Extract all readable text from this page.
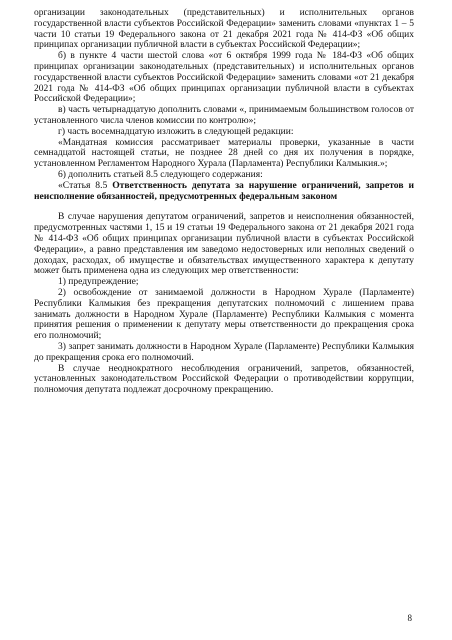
организации законодательных (представительных) и исполнительных органов государственной власти субъектов Российской Федерации» заменить словами «пунктах 1 – 5 части 10 статьи 19 Федерального закона от 21 декабря 2021 года № 414-ФЗ «Об общих принципах организации публичной власти в субъектах Российской Федерации»;

б) в пункте 4 части шестой слова «от 6 октября 1999 года № 184-ФЗ «Об общих принципах организации законодательных (представительных) и исполнительных органов государственной власти субъектов Российской Федерации» заменить словами «от 21 декабря 2021 года № 414-ФЗ «Об общих принципах организации публичной власти в субъектах Российской Федерации»;

в) часть четырнадцатую дополнить словами «, принимаемым большинством голосов от установленного числа членов комиссии по контролю»;

г) часть восемнадцатую изложить в следующей редакции:

«Мандатная комиссия рассматривает материалы проверки, указанные в части семнадцатой настоящей статьи, не позднее 28 дней со дня их получения в порядке, установленном Регламентом Народного Хурала (Парламента) Республики Калмыкия.»;

6) дополнить статьей 8.5 следующего содержания:

«Статья 8.5 Ответственность депутата за нарушение ограничений, запретов и неисполнение обязанностей, предусмотренных федеральным законом

В случае нарушения депутатом ограничений, запретов и неисполнения обязанностей, предусмотренных частями 1, 15 и 19 статьи 19 Федерального закона от 21 декабря 2021 года № 414-ФЗ «Об общих принципах организации публичной власти в субъектах Российской Федерации», а равно представления им заведомо недостоверных или неполных сведений о доходах, расходах, об имуществе и обязательствах имущественного характера к депутату может быть применена одна из следующих мер ответственности:

1) предупреждение;

2) освобождение от занимаемой должности в Народном Хурале (Парламенте) Республики Калмыкия без прекращения депутатских полномочий с лишением права занимать должности в Народном Хурале (Парламенте) Республики Калмыкия с момента принятия решения о применении к депутату меры ответственности до прекращения срока его полномочий;

3) запрет занимать должности в Народном Хурале (Парламенте) Республики Калмыкия до прекращения срока его полномочий.

В случае неоднократного несоблюдения ограничений, запретов, обязанностей, установленных законодательством Российской Федерации о противодействии коррупции, полномочия депутата подлежат досрочному прекращению.

8
